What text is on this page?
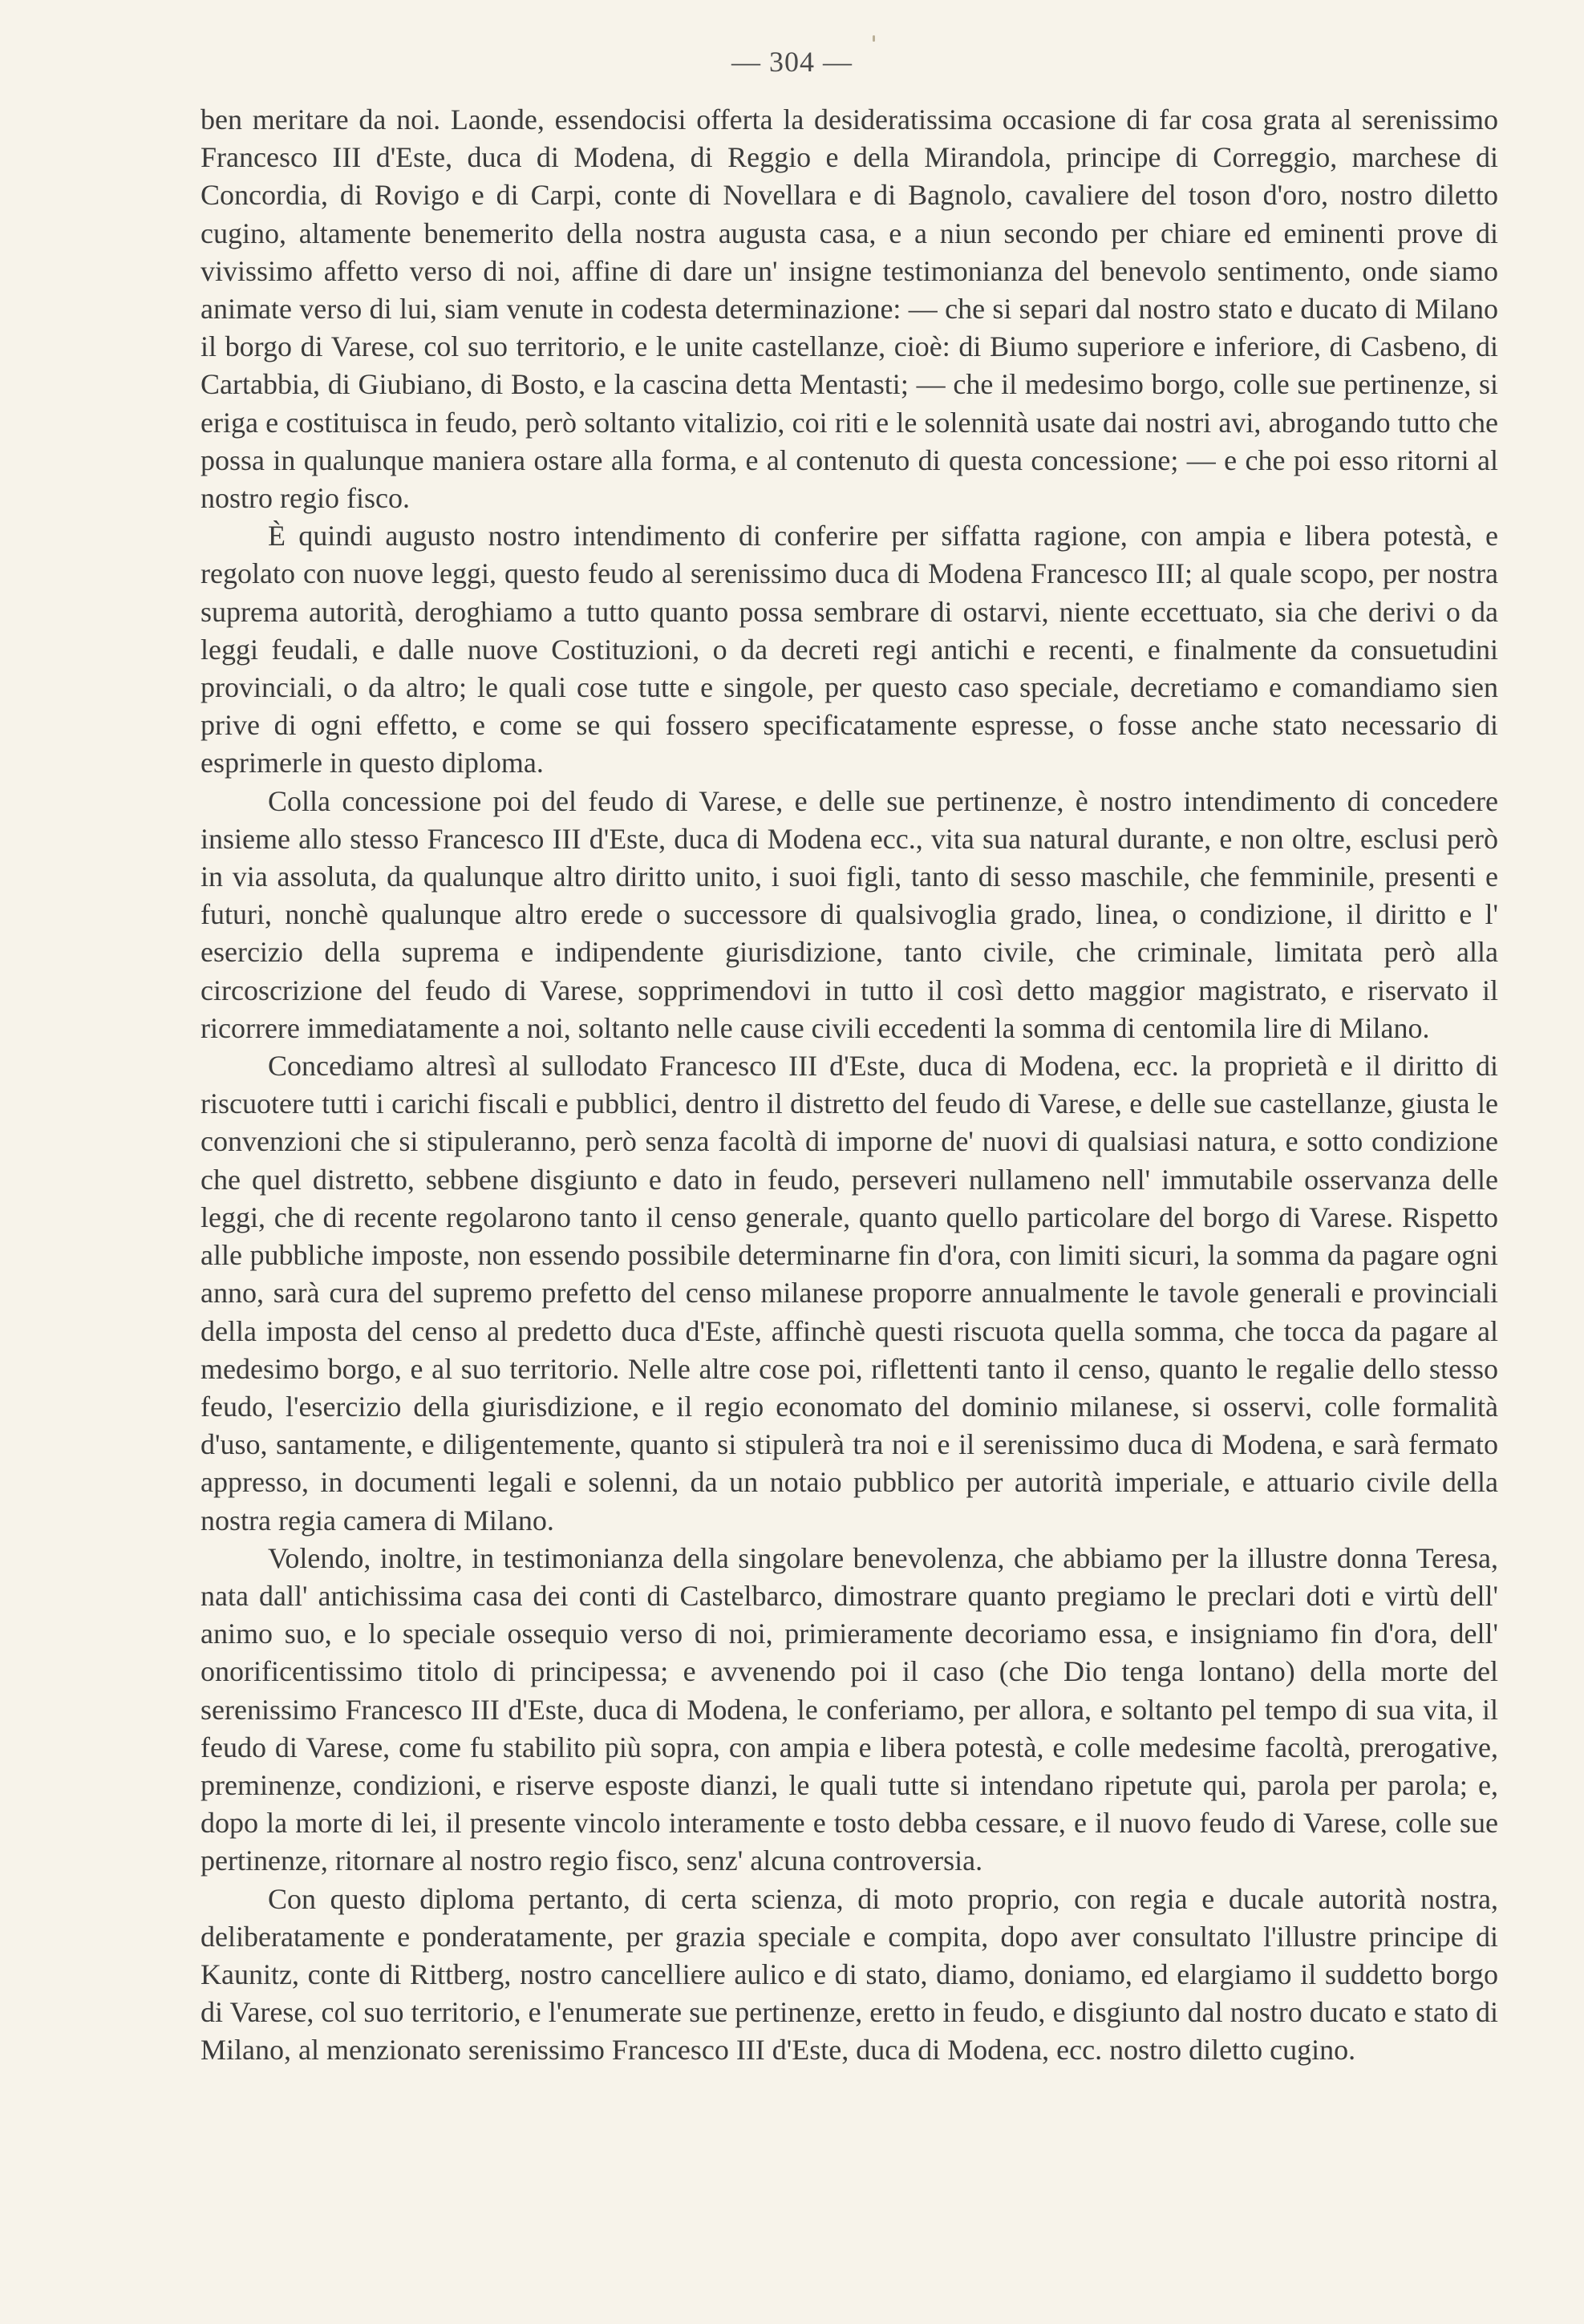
— 304 —

ben meritare da noi. Laonde, essendocisi offerta la desideratissima occasione di far cosa grata al serenissimo Francesco III d'Este, duca di Modena, di Reggio e della Mirandola, principe di Correggio, marchese di Concordia, di Rovigo e di Carpi, conte di Novellara e di Bagnolo, cavaliere del toson d'oro, nostro diletto cugino, altamente benemerito della nostra augusta casa, e a niun secondo per chiare ed eminenti prove di vivissimo affetto verso di noi, affine di dare un' insigne testimonianza del benevolo sentimento, onde siamo animate verso di lui, siam venute in codesta determinazione: — che si separi dal nostro stato e ducato di Milano il borgo di Varese, col suo territorio, e le unite castellanze, cioè: di Biumo superiore e inferiore, di Casbeno, di Cartabbia, di Giubiano, di Bosto, e la cascina detta Mentasti; — che il medesimo borgo, colle sue pertinenze, si eriga e costituisca in feudo, però soltanto vitalizio, coi riti e le solennità usate dai nostri avi, abrogando tutto che possa in qualunque maniera ostare alla forma, e al contenuto di questa concessione; — e che poi esso ritorni al nostro regio fisco.

È quindi augusto nostro intendimento di conferire per siffatta ragione, con ampia e libera potestà, e regolato con nuove leggi, questo feudo al serenissimo duca di Modena Francesco III; al quale scopo, per nostra suprema autorità, deroghiamo a tutto quanto possa sembrare di ostarvi, niente eccettuato, sia che derivi o da leggi feudali, e dalle nuove Costituzioni, o da decreti regi antichi e recenti, e finalmente da consuetudini provinciali, o da altro; le quali cose tutte e singole, per questo caso speciale, decretiamo e comandiamo sien prive di ogni effetto, e come se qui fossero specificatamente espresse, o fosse anche stato necessario di esprimerle in questo diploma.

Colla concessione poi del feudo di Varese, e delle sue pertinenze, è nostro intendimento di concedere insieme allo stesso Francesco III d'Este, duca di Modena ecc., vita sua natural durante, e non oltre, esclusi però in via assoluta, da qualunque altro diritto unito, i suoi figli, tanto di sesso maschile, che femminile, presenti e futuri, nonchè qualunque altro erede o successore di qualsivoglia grado, linea, o condizione, il diritto e l' esercizio della suprema e indipendente giurisdizione, tanto civile, che criminale, limitata però alla circoscrizione del feudo di Varese, sopprimendovi in tutto il così detto maggior magistrato, e riservato il ricorrere immediatamente a noi, soltanto nelle cause civili eccedenti la somma di centomila lire di Milano.

Concediamo altresì al sullodato Francesco III d'Este, duca di Modena, ecc. la proprietà e il diritto di riscuotere tutti i carichi fiscali e pubblici, dentro il distretto del feudo di Varese, e delle sue castellanze, giusta le convenzioni che si stipuleranno, però senza facoltà di imporne de' nuovi di qualsiasi natura, e sotto condizione che quel distretto, sebbene disgiunto e dato in feudo, perseveri nullameno nell' immutabile osservanza delle leggi, che di recente regolarono tanto il censo generale, quanto quello particolare del borgo di Varese. Rispetto alle pubbliche imposte, non essendo possibile determinarne fin d'ora, con limiti sicuri, la somma da pagare ogni anno, sarà cura del supremo prefetto del censo milanese proporre annualmente le tavole generali e provinciali della imposta del censo al predetto duca d'Este, affinchè questi riscuota quella somma, che tocca da pagare al medesimo borgo, e al suo territorio. Nelle altre cose poi, riflettenti tanto il censo, quanto le regalie dello stesso feudo, l'esercizio della giurisdizione, e il regio economato del dominio milanese, si osservi, colle formalità d'uso, santamente, e diligentemente, quanto si stipulerà tra noi e il serenissimo duca di Modena, e sarà fermato appresso, in documenti legali e solenni, da un notaio pubblico per autorità imperiale, e attuario civile della nostra regia camera di Milano.

Volendo, inoltre, in testimonianza della singolare benevolenza, che abbiamo per la illustre donna Teresa, nata dall' antichissima casa dei conti di Castelbarco, dimostrare quanto pregiamo le preclari doti e virtù dell' animo suo, e lo speciale ossequio verso di noi, primieramente decoriamo essa, e insigniamo fin d'ora, dell' onorificentissimo titolo di principessa; e avvenendo poi il caso (che Dio tenga lontano) della morte del serenissimo Francesco III d'Este, duca di Modena, le conferiamo, per allora, e soltanto pel tempo di sua vita, il feudo di Varese, come fu stabilito più sopra, con ampia e libera potestà, e colle medesime facoltà, prerogative, preminenze, condizioni, e riserve esposte dianzi, le quali tutte si intendano ripetute qui, parola per parola; e, dopo la morte di lei, il presente vincolo interamente e tosto debba cessare, e il nuovo feudo di Varese, colle sue pertinenze, ritornare al nostro regio fisco, senz' alcuna controversia.

Con questo diploma pertanto, di certa scienza, di moto proprio, con regia e ducale autorità nostra, deliberatamente e ponderatamente, per grazia speciale e compita, dopo aver consultato l'illustre principe di Kaunitz, conte di Rittberg, nostro cancelliere aulico e di stato, diamo, doniamo, ed elargiamo il suddetto borgo di Varese, col suo territorio, e l'enumerate sue pertinenze, eretto in feudo, e disgiunto dal nostro ducato e stato di Milano, al menzionato serenissimo Francesco III d'Este, duca di Modena, ecc. nostro diletto cugino.
